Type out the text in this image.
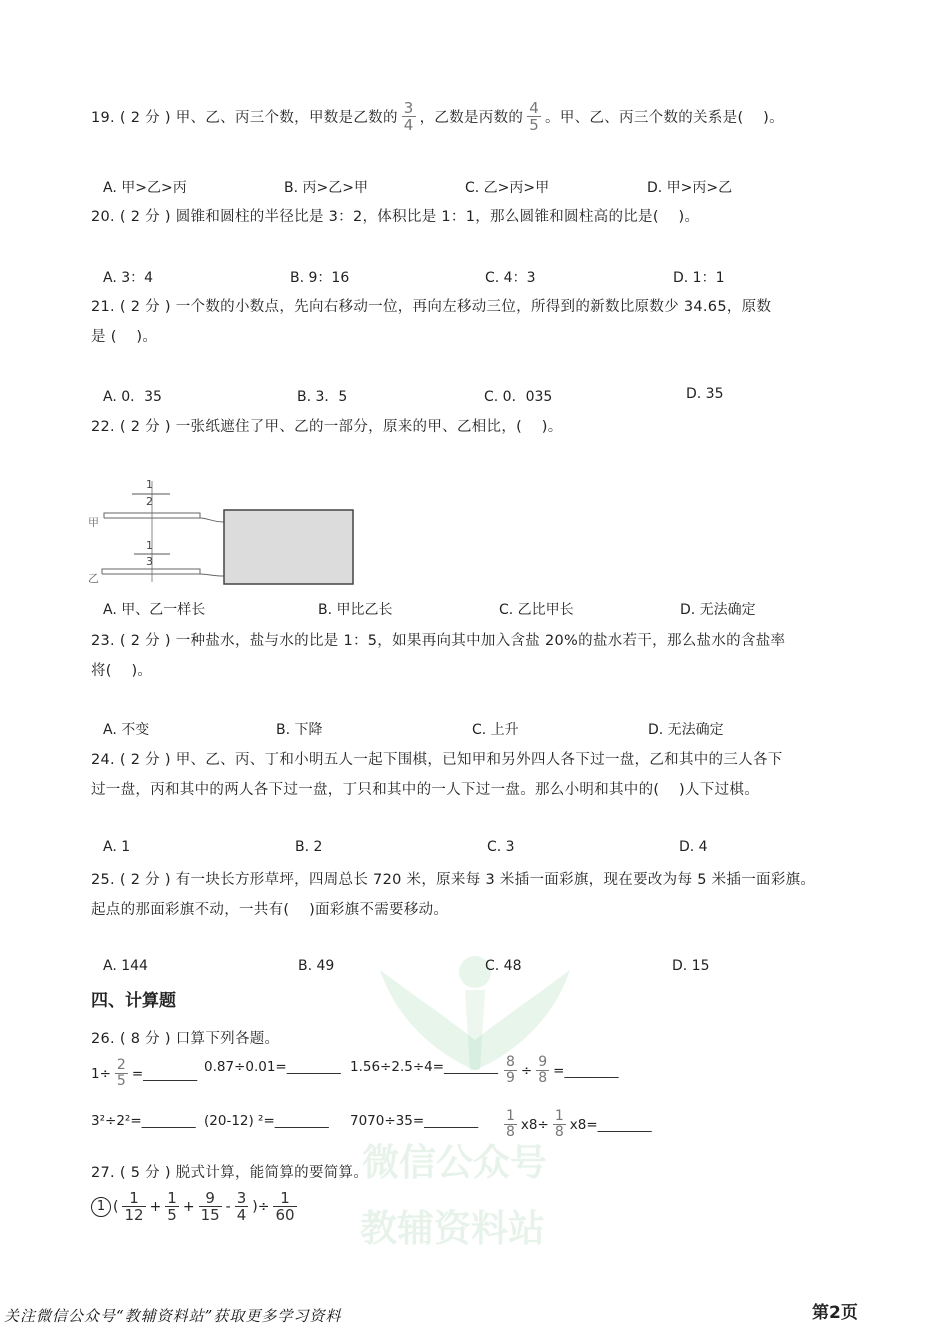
微信公众号
教辅资料站
19. ( 2 分 ) 甲、乙、丙三个数，甲数是乙数的 $\frac{3}{4}$ ，乙数是丙数的 $\frac{4}{5}$ 。甲、乙、丙三个数的关系是(　 )。
A. 甲>乙>丙	B. 丙>乙>甲	C. 乙>丙>甲	D. 甲>丙>乙
20. ( 2 分 ) 圆锥和圆柱的半径比是 3：2，体积比是 1：1，那么圆锥和圆柱高的比是(　 )。
A. 3：4	B. 9：16	C. 4：3	D. 1：1
21. ( 2 分 ) 一个数的小数点，先向右移动一位，再向左移动三位，所得到的新数比原数少 34.65，原数
是 (　 )。
A. 0．35	B. 3．5	C. 0．035	D. 35
22. ( 2 分 ) 一张纸遮住了甲、乙的一部分，原来的甲、乙相比，(　 )。
1
2
1
3
甲
乙
A. 甲、乙一样长	B. 甲比乙长	C. 乙比甲长	D. 无法确定
23. ( 2 分 ) 一种盐水，盐与水的比是 1：5，如果再向其中加入含盐 20%的盐水若干，那么盐水的含盐率
将(　 )。
A. 不变	B. 下降	C. 上升	D. 无法确定
24. ( 2 分 ) 甲、乙、丙、丁和小明五人一起下围棋，已知甲和另外四人各下过一盘，乙和其中的三人各下
过一盘，丙和其中的两人各下过一盘，丁只和其中的一人下过一盘。那么小明和其中的(　 )人下过棋。
A. 1	B. 2	C. 3	D. 4
25. ( 2 分 ) 有一块长方形草坪，四周总长 720 米，原来每 3 米插一面彩旗，现在要改为每 5 米插一面彩旗。
起点的那面彩旗不动，一共有(　 )面彩旗不需要移动。
A. 144	B. 49	C. 48	D. 15
四、计算题
26. ( 8 分 ) 口算下列各题。
$1\div \frac{2}{5}$ =________ 0.87÷0.01=________ 1.56÷2.5÷4=________ $\frac{8}{9} \div \frac{9}{8}$ =________
3²÷2²=________ (20-12) ²=________ 7070÷35=________ $\frac{1}{8} x8\div \frac{1}{8}$ x8=________
27. ( 5 分 ) 脱式计算，能简算的要简算。
1 ( $\frac{1}{12} + \frac{1}{5} + \frac{9}{15} - \frac{3}{4}$ )÷ $\frac{1}{60}$
关注微信公众号“教辅资料站”获取更多学习资料	第2页
